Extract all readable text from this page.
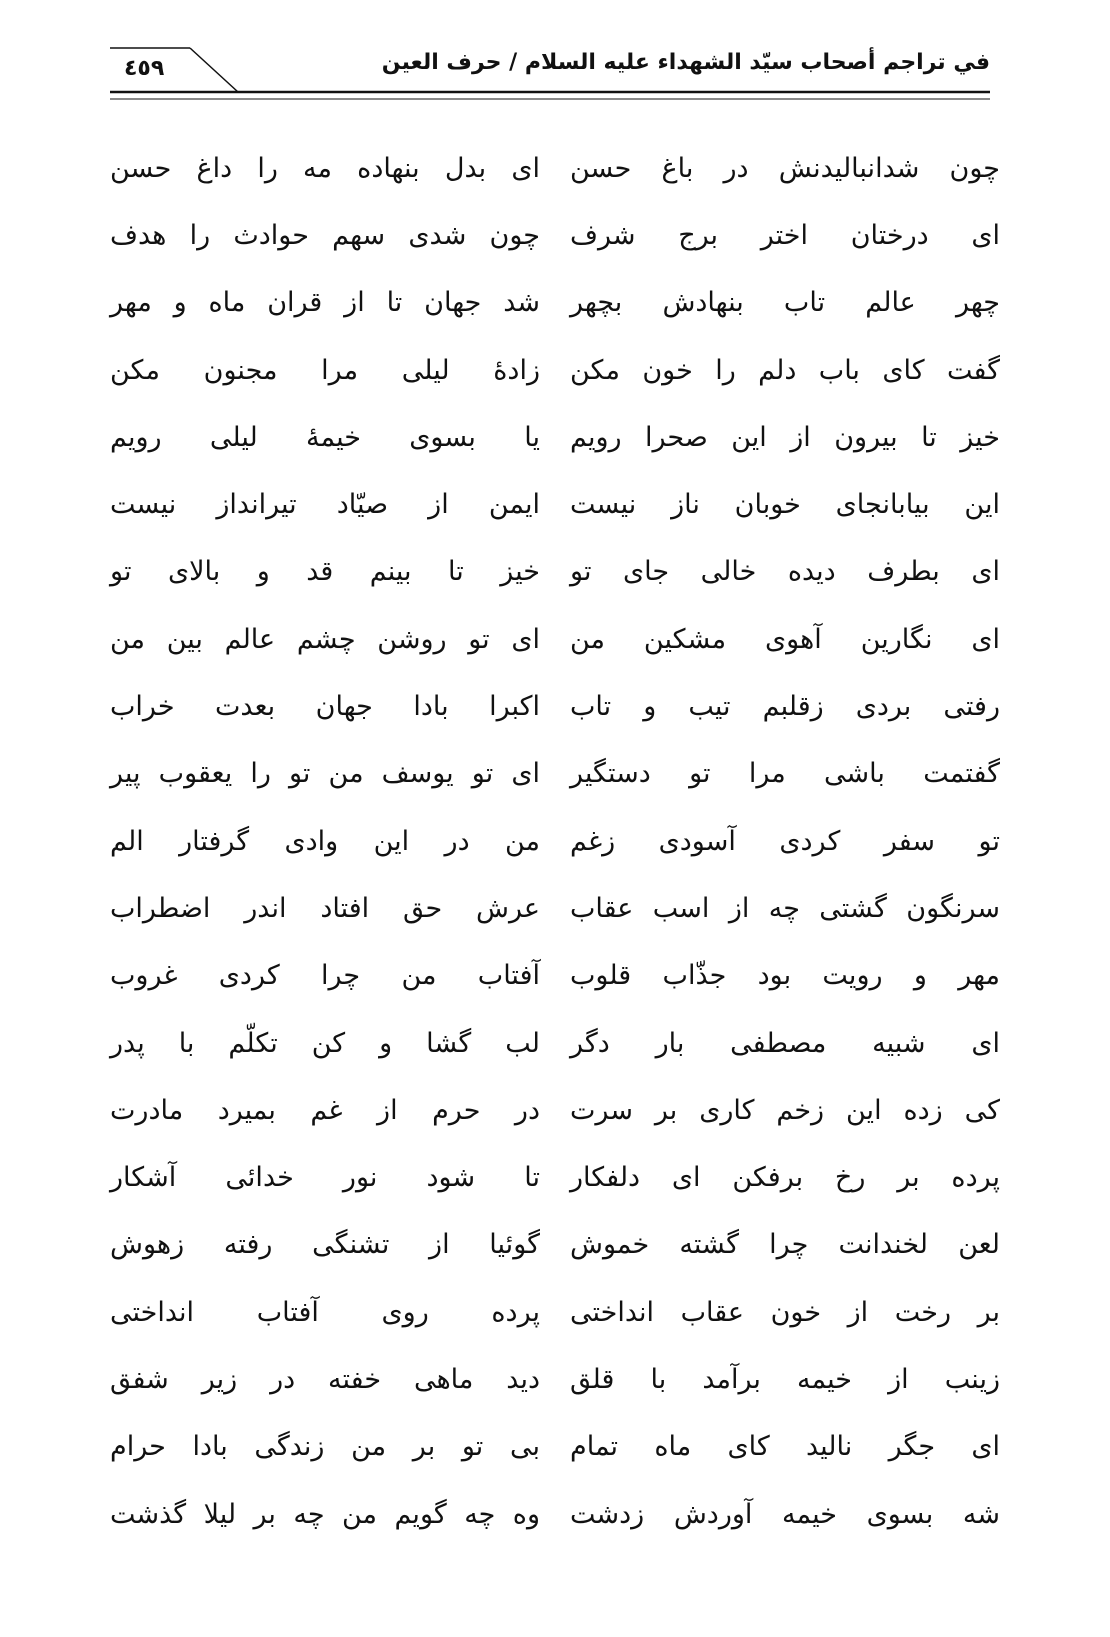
٤٥٩	في تراجم أصحاب سيّد الشهداء عليه السلام / حرف العين
چون شدانبالیدنش در باغ حسن
ای بدل بنهاده مه را داغ حسن
ای درختان اختر برج شرف
چون شدی سهم حوادث را هدف
چهر عالم تاب بنهادش بچهر
شد جهان تا از قران ماه و مهر
گفت کای باب دلم را خون مکن
زادهٔ لیلی مرا مجنون مکن
خیز تا بیرون از این صحرا رویم
یا بسوی خیمهٔ لیلی رویم
این بیابانجای خوبان ناز نیست
ایمن از صیّاد تیرانداز نیست
ای بطرف دیده خالی جای تو
خیز تا بینم قد و بالای تو
ای نگارین آهوی مشکین من
ای تو روشن چشم عالم بین من
رفتی بردی زقلبم تیب و تاب
اکبرا بادا جهان بعدت خراب
گفتمت باشی مرا تو دستگیر
ای تو یوسف من تو را یعقوب پیر
تو سفر کردی آسودی زغم
من در این وادی گرفتار الم
سرنگون گشتی چه از اسب عقاب
عرش حق افتاد اندر اضطراب
مهر و رویت بود جذّاب قلوب
آفتاب من چرا کردی غروب
ای شبیه مصطفی بار دگر
لب گشا و کن تکلّم با پدر
کی زده این زخم کاری بر سرت
در حرم از غم بمیرد مادرت
پرده بر رخ برفکن ای دلفکار
تا شود نور خدائی آشکار
لعن لخندانت چرا گشته خموش
گوئیا از تشنگی رفته زهوش
بر رخت از خون عقاب انداختی
پرده روی آفتاب انداختی
زینب از خیمه برآمد با قلق
دید ماهی خفته در زیر شفق
ای جگر نالید کای ماه تمام
بی تو بر من زندگی بادا حرام
شه بسوی خیمه آوردش زدشت
وه چه گویم من چه بر لیلا گذشت
